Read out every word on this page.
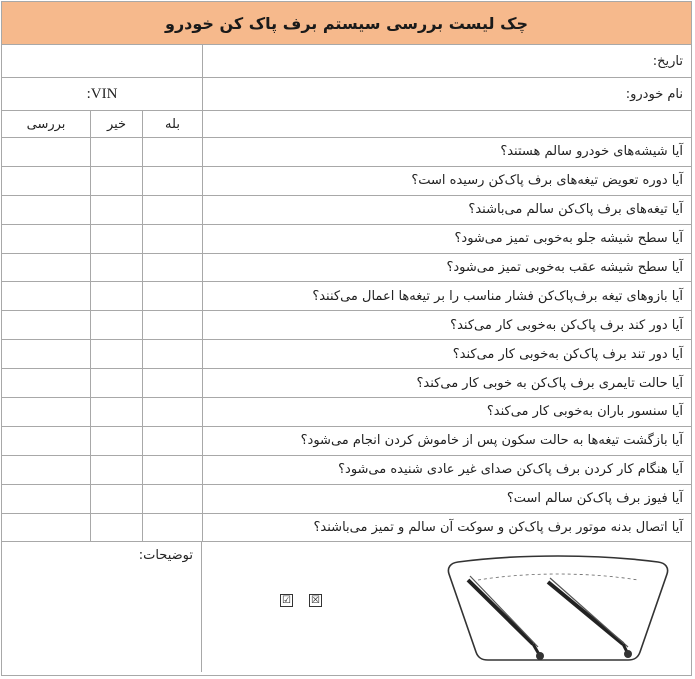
چک لیست بررسی سیستم برف پاک کن خودرو
تاریخ:
نام خودرو:
VIN:
بله
خیر
بررسی
آیا شیشه‌های خودرو سالم هستند؟
آیا دوره تعویض تیغه‌های برف پاک‌کن رسیده است؟
آیا تیغه‌های برف پاک‌کن سالم می‌باشند؟
آیا سطح شیشه جلو به‌خوبی تمیز می‌شود؟
آیا سطح شیشه عقب به‌خوبی تمیز می‌شود؟
آیا بازوهای تیغه برف‌پاک‌کن فشار مناسب را بر تیغه‌ها اعمال می‌کنند؟
آیا دور کند برف پاک‌کن به‌خوبی کار می‌کند؟
آیا دور تند برف پاک‌کن به‌خوبی کار می‌کند؟
آیا حالت تایمری برف پاک‌کن به خوبی کار می‌کند؟
آیا سنسور باران به‌خوبی کار می‌کند؟
آیا بازگشت تیغه‌ها به حالت سکون پس از خاموش کردن انجام می‌شود؟
آیا هنگام کار کردن برف پاک‌کن صدای غیر عادی شنیده می‌شود؟
آیا فیوز برف پاک‌کن سالم است؟
آیا اتصال بدنه موتور برف پاک‌کن و سوکت آن سالم و تمیز می‌باشند؟
☑ ☒
توضیحات:
